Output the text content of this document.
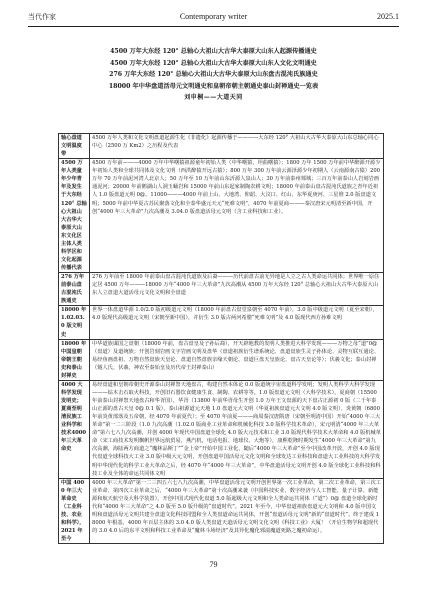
当代作家	Contemporary writer	2025.1
4500 万年大东经 120° 总轴心大祖山大古华大泰原大山东人起源传播通史
4500 万年大东经 120° 总轴心大祖山大古华大泰原大山东人文化文明通史
276 万年大东经 120° 总轴心大祖山大古华大泰原大山东盘古混沌氏族通史
18000 年中华盘道活母元文明通史和皇朝帝朝主朝通史泰山封禅通史一览表
刘申桐——大道天同
轴心盘道文明温度带	4500 万年人类和文化文明盘道起源生化《非遗化》起源传播于————大东经 120° 大祖山大古华大泰原大山东总轴心同心中心（2500 万 Km2）之历程及代表
4500 万年人类童年少年青年及发生于大东经 120° 总轴心大祖山大古华大泰原大山东文化区主体人类科学区和文化起源传播代表	4500 万年前———4000 万年中华曙猿祖源童年初始人类（中华曙猿，坦曲曙猿）；1800 万年 1500 万年前中华醉源开源少年初始人类和全球共同体及文化文明（西洪醉猿开远古猿）；800 万年 300 万年前云源泽源少年初期人（云南源南古猿）200 万年 70 万年前泥河湾人北京人；50 万年至 10 万年前山东沂源人泉山人；30 万年前泰州郯城；三百万年前泰山人岩刻岩画通泥河；20000 年前鹅湖山人洞玉蛹岩和 15000 年前山东起家制陶农耕文明；18000 年前泰山盘古混沌氏道族之青年近祖人 1.0 版盘道元明 0@。11000———4000 年前上山、大地湾、仰韶、大汶口、红山、东华夏庚河、三星堆 2.0 版盘道文明；5000 年前中华夏古苏民聚落文化和全泰华盛元天元“死难文明”，4070 年前夏商———秦汉唐宋元明清至新中国，开创“4000 年三大革命”九次高潮及 3.04.0 版盘道活母元文明（含工业科技和工业）。
276 万年前泰山盘古混沌氏族通史	276 万年前至 18000 年前泰山盘古混沌氏道族及后裔———历代前盘古前无异地是人立之古人类命运共同体；世界唯一原住定居 4500 万年———18000 万年“4000 年三大革命”九次高潮从 4500 万年大东经 120° 总轴心大祖山大古华大泰原大山东人立盘道大道活母元文化文明和全盘道
18000 年 1.02.03.0 版文明史	世界一体盘道华源 1.0/2.0 版初级道元文明（18000 年前盘古盘堂泉朝至 4070 年前），3.0 版中级道元文明（夏至宋朝），4.0 版现代高级道元文明（宋朝至新中国），并衍生 3.0 版古两河希腊“死难文明”及 4.0 版现代西方孙难文明
18000 年中国皇朝帝朝王朝史和泰山封禅史	中华道族谋国之盘朝（18000 年前，盘古盘皇及子孙后裔），开天辟地教的发明人类推进大科学发现———万物之母“道”0@（盘道）及道统族；开创岩刻岩画文字岩画文明及盘华（盘道祖族衍生谱系统论、盘道盘族生灵子孙体论、灵物互联互通论、易经鱼画盘祖、万物自然盘族天皇论、盘道自然盘族亲缘天朝论、盘道巨盘天皇族论、盘古天皇论等）；伏羲文化；泰山封禅（燧人氏、伏羲、神农至秦始皇及历代帝王封禅泰山）
4000 大科学发现发明史；夏商至明清民族工业科学和技术4000年三大革命史	易经盘道和皇朝帝朝史开源泰山封禅祭天地盘古，构建自然本体论 0.0 版道统宇宙盘道科学发明；发明人类科学大科学发现———钻木击石取火科技，开创旧石器饮食健康生食、制陶、农耕等等。1.0 版盘道元文明（大科学技术）。夏商朝（15500 年前泰山封禅祭天地盘古和华胥国），华胥（13800 年前华胥母生开创 1.0 万年王文盘源的天下盘古正源初 0 版（二千年泰山正源的盘古天皇 0@ 0.1 版）、泰山祖源道元天地 1.0 盘道元大文明（华夏祖族盘道元大文明 4.0 版文明）、炎黄朝（6800 年前炎黄部落及五帝朝，经 4070 年前夏代）；至 4070 年前夏———商周秦汉唐隋唐（宋朝至明清中国）开始“4000 年三大革命”第一二三阶段（1.0 九次高潮（1.02.0 版商业工业革命和机械化科技 3.0 版科学技术革命），宋元明清“4000 年三大革命”第六七八九次高潮，并创 4000 年现代中国盘道全球化 4.0 版大元技术和工业 3.0 版现代科学技术大革命和 4.0 版机械革命（宋工商技术发明飘帆世界远航贸易，燕汽机，电话电报、地球仪、大炮等），康熙乾隆时期发生“4000 年三大革命”第九次高潮，海陆两方商道之“魔林品斯丁”“金上帝”开始中国工业化，随后“4000 年三大革命”至今中国改革开放，开创 4.0 版现代盘道全球科技大工业 3.0 版中级大元文明，开创盘道中国活母元文化文明和全球发达工业科技和盘道大工业科技的大科学发明中华现代化的科学工业大革命之后，经 4070 年“4000 年三大革命”，中华盘道活母元文明开创 4.0 版全球化工业科技和科技工业及全体的命运共同体文明
中国 4000 年三大革命史（工业科技、农业和科学），2021 年至今	4000 年三大革命”第一二三四五六七八九次高潮，中华盘道活母元文明开创世界第一次工业革命，第二次工业革命，第三次工业革命、第四次工业革命之后，“4000 年三大革命”第十次高潮来袭（中国科技实业、数字经济与人工智能、量子计算、新能源和航天航空及大科学装置），开创中国式现代化盘道 5.0 版超级大元文明和全人类命运共同体（“道”）0@ 盘道全球化新时代和“4000 年三大革命”之 4.0 版至 5.0 版升级的“盘道时代”。2021 年至今，中华盘道祖族盘道元大文明和 4.0 版中国文明和盘道活母元文明共建全盘道文化科技同盟和全人类盘道命运共同体，开创“盘道活母元文明”新的“盘道时代”。终于建成 18000 年根基，4000 年百层主体的 3.0 4.0 版人类盘道天道活母元文明文化文明《科技工业》大厦！（开启生物学和超现代的 3.0 4.0 后的东半文明和科技工业革命及“魔林斗场经济”及其异化魔化邪溢魔道死路之魔初命运）。
79
